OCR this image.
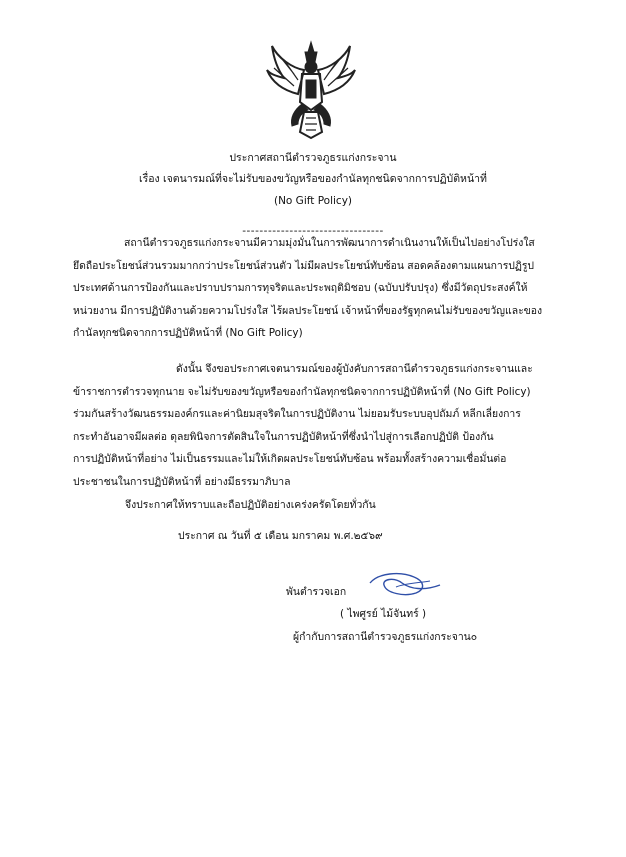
ประกาศสถานีตำรวจภูธรแก่งกระจาน
เรื่อง เจตนารมณ์ที่จะไม่รับของขวัญหรือของกำนัลทุกชนิดจากการปฏิบัติหน้าที่
(No Gift Policy)
---------------------------------
สถานีตำรวจภูธรแก่งกระจานมีความมุ่งมั่นในการพัฒนาการดำเนินงานให้เป็นไปอย่างโปร่งใส
ยึดถือประโยชน์ส่วนรวมมากกว่าประโยชน์ส่วนตัว ไม่มีผลประโยชน์ทับซ้อน สอดคล้องตามแผนการปฏิรูป
ประเทศด้านการป้องกันและปราบปรามการทุจริตและประพฤติมิชอบ (ฉบับปรับปรุง) ซึ่งมีวัตถุประสงค์ให้
หน่วยงาน มีการปฏิบัติงานด้วยความโปร่งใส ไร้ผลประโยชน์ เจ้าหน้าที่ของรัฐทุกคนไม่รับของขวัญและของ
กำนัลทุกชนิดจากการปฏิบัติหน้าที่ (No Gift Policy)
ดังนั้น จึงขอประกาศเจตนารมณ์ของผู้บังคับการสถานีตำรวจภูธรแก่งกระจานและ
ข้าราชการตำรวจทุกนาย จะไม่รับของขวัญหรือของกำนัลทุกชนิดจากการปฏิบัติหน้าที่ (No Gift Policy)
ร่วมกันสร้างวัฒนธรรมองค์กรและค่านิยมสุจริตในการปฏิบัติงาน ไม่ยอมรับระบบอุปถัมภ์ หลีกเลี่ยงการ
กระทำอันอาจมีผลต่อ ดุลยพินิจการตัดสินใจในการปฏิบัติหน้าที่ซึ่งนำไปสู่การเลือกปฏิบัติ ป้องกัน
การปฏิบัติหน้าที่อย่าง ไม่เป็นธรรมและไม่ให้เกิดผลประโยชน์ทับซ้อน พร้อมทั้งสร้างความเชื่อมั่นต่อ
ประชาชนในการปฏิบัติหน้าที่ อย่างมีธรรมาภิบาล
จึงประกาศให้ทราบและถือปฏิบัติอย่างเคร่งครัดโดยทั่วกัน
ประกาศ ณ วันที่ ๕ เดือน มกราคม พ.ศ.๒๕๖๙
พันตำรวจเอก
( ไพศูรย์ ไม้จันทร์ )
ผู้กำกับการสถานีตำรวจภูธรแก่งกระจาน๐
